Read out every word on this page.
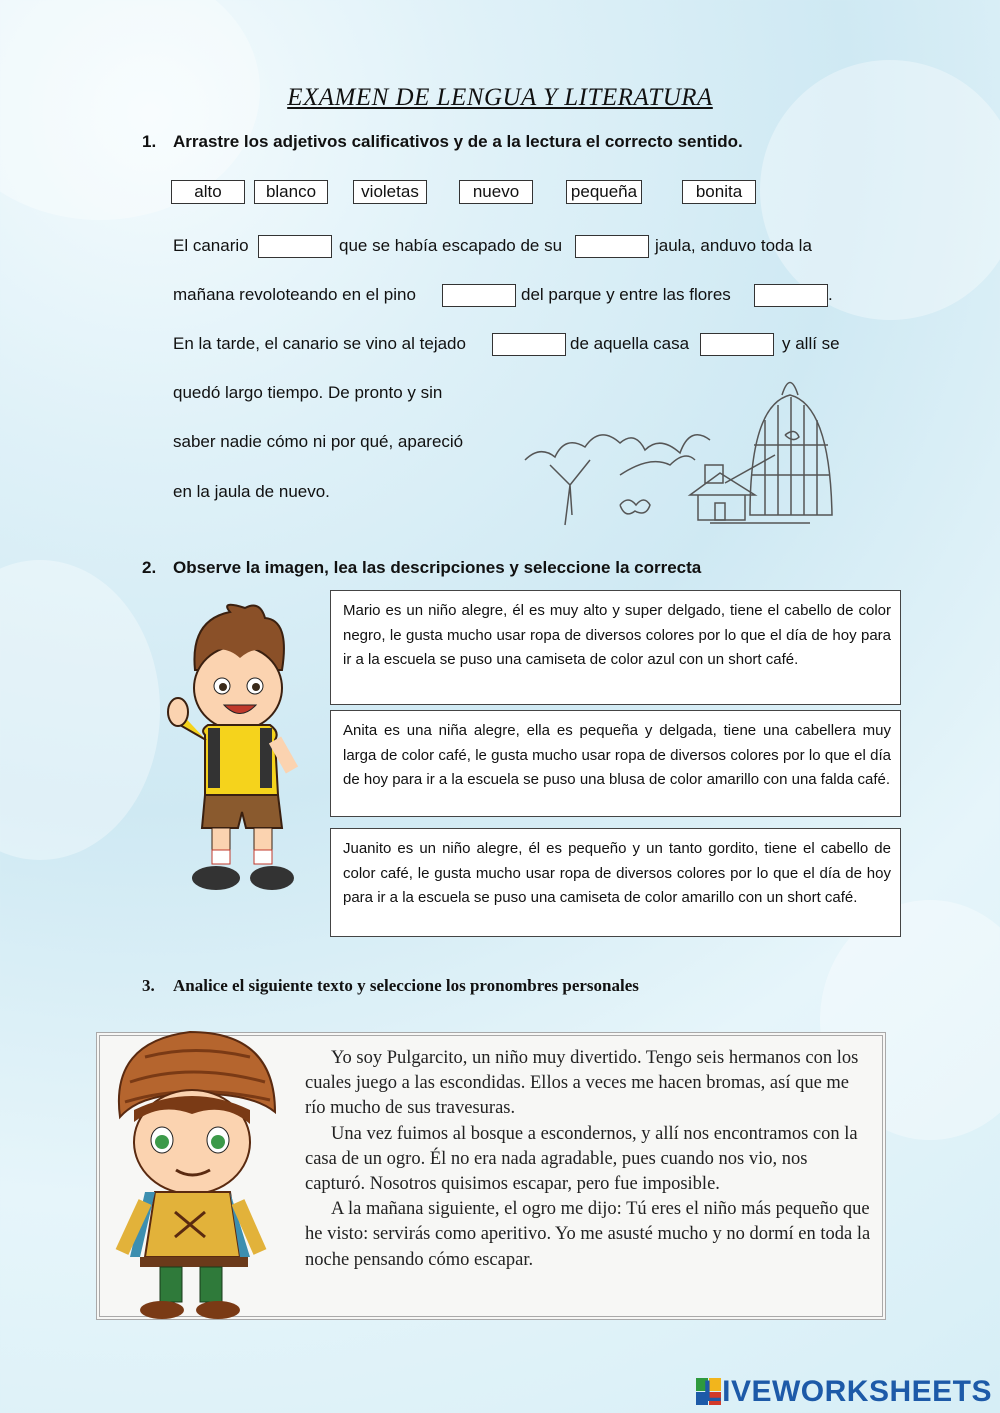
EXAMEN DE LENGUA Y LITERATURA
1. Arrastre los adjetivos calificativos y de a la lectura el correcto sentido.
alto	blanco	violetas	nuevo	pequeña	bonita
El canario	que se había escapado de su	jaula, anduvo toda la
mañana revoloteando en el pino	del parque y entre las flores	.
En la tarde, el canario se vino al tejado	de aquella casa	y allí se
quedó largo tiempo. De pronto y sin
saber nadie cómo ni por qué, apareció
en la jaula de nuevo.
2. Observe la imagen, lea las descripciones y seleccione la correcta
Mario es un niño alegre, él es muy alto y super delgado, tiene el cabello de color negro, le gusta mucho usar ropa de diversos colores por lo que el día de hoy para ir a la escuela se puso una camiseta de color azul con un short café.
Anita es una niña alegre, ella es pequeña y delgada, tiene una cabellera muy larga de color café, le gusta mucho usar ropa de diversos colores por lo que el día de hoy para ir a la escuela se puso una blusa de color amarillo con una falda café.
Juanito es un niño alegre, él es pequeño y un tanto gordito, tiene el cabello de color café, le gusta mucho usar ropa de diversos colores por lo que el día de hoy para ir a la escuela se puso una camiseta de color amarillo con un short café.
3. Analice el siguiente texto y seleccione los pronombres personales

Yo soy Pulgarcito, un niño muy divertido. Tengo seis hermanos con los cuales juego a las escondidas. Ellos a veces me hacen bromas, así que me río mucho de sus travesuras.

Una vez fuimos al bosque a escondernos, y allí nos encontramos con la casa de un ogro. Él no era nada agradable, pues cuando nos vio, nos capturó. Nosotros quisimos escapar, pero fue imposible.

A la mañana siguiente, el ogro me dijo: Tú eres el niño más pequeño que he visto: servirás como aperitivo. Yo me asusté mucho y no dormí en toda la noche pensando cómo escapar.

LIVEWORKSHEETS
